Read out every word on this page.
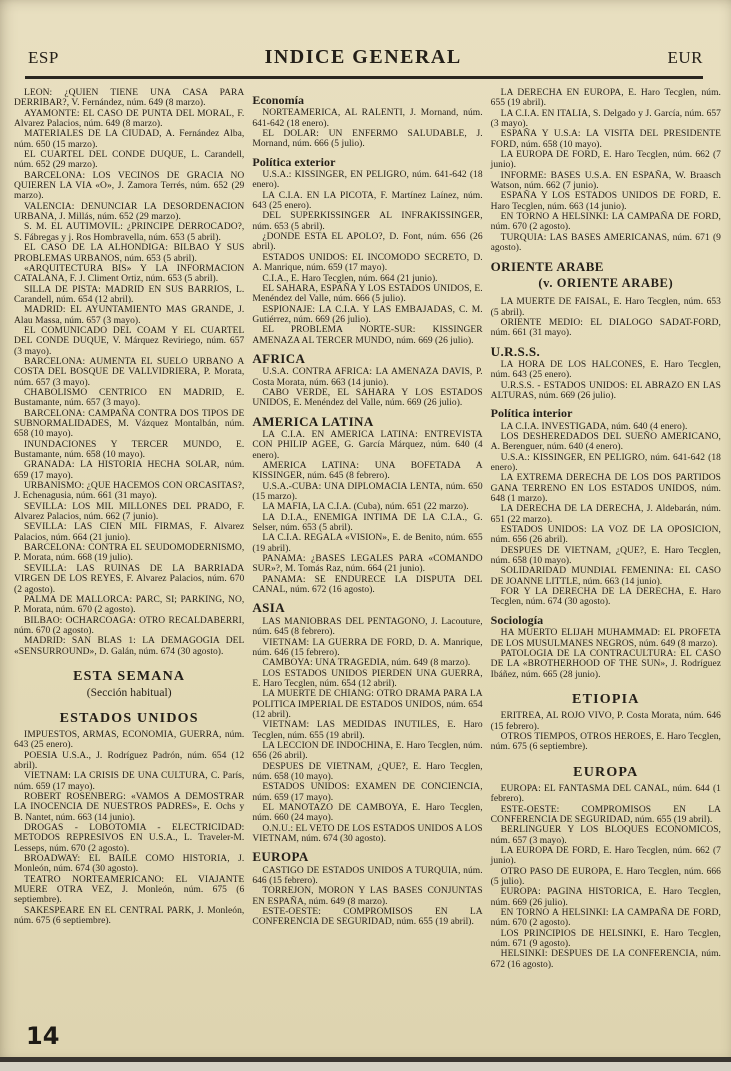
ESP	INDICE GENERAL	EUR

LEON: ¿QUIEN TIENE UNA CASA PARA DERRIBAR?, V. Fernández, núm. 649 (8 marzo).

AYAMONTE: EL CASO DE PUNTA DEL MORAL, F. Alvarez Palacios, núm. 649 (8 marzo).

MATERIALES DE LA CIUDAD, A. Fernández Alba, núm. 650 (15 marzo).

EL CUARTEL DEL CONDE DUQUE, L. Carandell, núm. 652 (29 marzo).

BARCELONA: LOS VECINOS DE GRACIA NO QUIEREN LA VIA «O», J. Zamora Terrés, núm. 652 (29 marzo).

VALENCIA: DENUNCIAR LA DESORDENACION URBANA, J. Millás, núm. 652 (29 marzo).

S. M. EL AUTIMOVIL: ¿PRINCIPE DERROCADO?, S. Fábregas y j. Ros Hombravella, núm. 653 (5 abril).

EL CASO DE LA ALHONDIGA: BILBAO Y SUS PROBLEMAS URBANOS, núm. 653 (5 abril).

«ARQUITECTURA BIS» Y LA INFORMACION CATALANA, F. J. Climent Ortiz, núm. 653 (5 abril).

SILLA DE PISTA: MADRID EN SUS BARRIOS, L. Carandell, núm. 654 (12 abril).

MADRID: EL AYUNTAMIENTO MAS GRANDE, J. Alau Massa, núm. 657 (3 mayo).

EL COMUNICADO DEL COAM Y EL CUARTEL DEL CONDE DUQUE, V. Márquez Reviriego, núm. 657 (3 mayo).

BARCELONA: AUMENTA EL SUELO URBANO A COSTA DEL BOSQUE DE VALLVIDRIERA, P. Morata, núm. 657 (3 mayo).

CHABOLISMO CENTRICO EN MADRID, E. Bustamante, núm. 657 (3 mayo).

BARCELONA: CAMPAÑA CONTRA DOS TIPOS DE SUBNORMALIDADES, M. Vázquez Montalbán, núm. 658 (10 mayo).

INUNDACIONES Y TERCER MUNDO, E. Bustamante, núm. 658 (10 mayo).

GRANADA: LA HISTORIA HECHA SOLAR, núm. 659 (17 mayo).

URBANISMO: ¿QUE HACEMOS CON ORCASITAS?, J. Echenagusia, núm. 661 (31 mayo).

SEVILLA: LOS MIL MILLONES DEL PRADO, F. Alvarez Palacios, núm. 662 (7 junio).

SEVILLA: LAS CIEN MIL FIRMAS, F. Alvarez Palacios, núm. 664 (21 junio).

BARCELONA: CONTRA EL SEUDOMODERNISMO, P. Morata, núm. 668 (19 julio).

SEVILLA: LAS RUINAS DE LA BARRIADA VIRGEN DE LOS REYES, F. Alvarez Palacios, núm. 670 (2 agosto).

PALMA DE MALLORCA: PARC, SI; PARKING, NO, P. Morata, núm. 670 (2 agosto).

BILBAO: OCHARCOAGA: OTRO RECALDABERRI, núm. 670 (2 agosto).

MADRID: SAN BLAS 1: LA DEMAGOGIA DEL «SENSURROUND», D. Galán, núm. 674 (30 agosto).

ESTA SEMANA

(Sección habitual)

ESTADOS UNIDOS

IMPUESTOS, ARMAS, ECONOMIA, GUERRA, núm. 643 (25 enero).

POESIA U.S.A., J. Rodríguez Padrón, núm. 654 (12 abril).

VIETNAM: LA CRISIS DE UNA CULTURA, C. París, núm. 659 (17 mayo).

ROBERT ROSENBERG: «VAMOS A DEMOSTRAR LA INOCENCIA DE NUESTROS PADRES», E. Ochs y B. Nantet, núm. 663 (14 junio).

DROGAS - LOBOTOMIA - ELECTRICIDAD: METODOS REPRESIVOS EN U.S.A., L. Traveler-M. Lesseps, núm. 670 (2 agosto).

BROADWAY: EL BAILE COMO HISTORIA, J. Monleón, núm. 674 (30 agosto).

TEATRO NORTEAMERICANO: EL VIAJANTE MUERE OTRA VEZ, J. Monleón, núm. 675 (6 septiembre).

SAKESPEARE EN EL CENTRAL PARK, J. Monleón, núm. 675 (6 septiembre).

Economía

NORTEAMERICA, AL RALENTI, J. Mornand, núm. 641-642 (18 enero).

EL DOLAR: UN ENFERMO SALUDABLE, J. Mornand, núm. 666 (5 julio).

Política exterior

U.S.A.: KISSINGER, EN PELIGRO, núm. 641-642 (18 enero).

LA C.I.A. EN LA PICOTA, F. Martínez Laínez, núm. 643 (25 enero).

DEL SUPERKISSINGER AL INFRAKISSINGER, núm. 653 (5 abril).

¿DONDE ESTA EL APOLO?, D. Font, núm. 656 (26 abril).

ESTADOS UNIDOS: EL INCOMODO SECRETO, D. A. Manrique, núm. 659 (17 mayo).

C.I.A., E. Haro Tecglen, núm. 664 (21 junio).

EL SAHARA, ESPAÑA Y LOS ESTADOS UNIDOS, E. Menéndez del Valle, núm. 666 (5 julio).

ESPIONAJE: LA C.I.A. Y LAS EMBAJADAS, C. M. Gutiérrez, núm. 669 (26 julio).

EL PROBLEMA NORTE-SUR: KISSINGER AMENAZA AL TERCER MUNDO, núm. 669 (26 julio).

AFRICA

U.S.A. CONTRA AFRICA: LA AMENAZA DAVIS, P. Costa Morata, núm. 663 (14 junio).

CABO VERDE, EL SAHARA Y LOS ESTADOS UNIDOS, E. Menéndez del Valle, núm. 669 (26 julio).

AMERICA LATINA

LA C.I.A. EN AMERICA LATINA: ENTREVISTA CON PHILIP AGEE, G. García Márquez, núm. 640 (4 enero).

AMERICA LATINA: UNA BOFETADA A KISSINGER, núm. 645 (8 febrero).

U.S.A.-CUBA: UNA DIPLOMACIA LENTA, núm. 650 (15 marzo).

LA MAFIA, LA C.I.A. (Cuba), núm. 651 (22 marzo).

LA D.I.A., ENEMIGA INTIMA DE LA C.I.A., G. Selser, núm. 653 (5 abril).

LA C.I.A. REGALA «VISION», E. de Benito, núm. 655 (19 abril).

PANAMA: ¿BASES LEGALES PARA «COMANDO SUR»?, M. Tomás Raz, núm. 664 (21 junio).

PANAMA: SE ENDURECE LA DISPUTA DEL CANAL, núm. 672 (16 agosto).

ASIA

LAS MANIOBRAS DEL PENTAGONO, J. Lacouture, núm. 645 (8 febrero).

VIETNAM: LA GUERRA DE FORD, D. A. Manrique, núm. 646 (15 febrero).

CAMBOYA: UNA TRAGEDIA, núm. 649 (8 marzo).

LOS ESTADOS UNIDOS PIERDEN UNA GUERRA, E. Haro Tecglen, núm. 654 (12 abril).

LA MUERTE DE CHIANG: OTRO DRAMA PARA LA POLITICA IMPERIAL DE ESTADOS UNIDOS, núm. 654 (12 abril).

VIETNAM: LAS MEDIDAS INUTILES, E. Haro Tecglen, núm. 655 (19 abril).

LA LECCION DE INDOCHINA, E. Haro Tecglen, núm. 656 (26 abril).

DESPUES DE VIETNAM, ¿QUE?, E. Haro Tecglen, núm. 658 (10 mayo).

ESTADOS UNIDOS: EXAMEN DE CONCIENCIA, núm. 659 (17 mayo).

EL MANOTAZO DE CAMBOYA, E. Haro Tecglen, núm. 660 (24 mayo).

O.N.U.: EL VETO DE LOS ESTADOS UNIDOS A LOS VIETNAM, núm. 674 (30 agosto).

EUROPA

CASTIGO DE ESTADOS UNIDOS A TURQUIA, núm. 646 (15 febrero).

TORREJON, MORON Y LAS BASES CONJUNTAS EN ESPAÑA, núm. 649 (8 marzo).

ESTE-OESTE: COMPROMISOS EN LA CONFERENCIA DE SEGURIDAD, núm. 655 (19 abril).

LA DERECHA EN EUROPA, E. Haro Tecglen, núm. 655 (19 abril).

LA C.I.A. EN ITALIA, S. Delgado y J. García, núm. 657 (3 mayo).

ESPAÑA Y U.S.A: LA VISITA DEL PRESIDENTE FORD, núm. 658 (10 mayo).

LA EUROPA DE FORD, E. Haro Tecglen, núm. 662 (7 junio).

INFORME: BASES U.S.A. EN ESPAÑA, W. Braasch Watson, núm. 662 (7 junio).

ESPAÑA Y LOS ESTADOS UNIDOS DE FORD, E. Haro Tecglen, núm. 663 (14 junio).

EN TORNO A HELSINKI: LA CAMPAÑA DE FORD, núm. 670 (2 agosto).

TURQUIA: LAS BASES AMERICANAS, núm. 671 (9 agosto).

ORIENTE ARABE

(v. ORIENTE ARABE)

LA MUERTE DE FAISAL, E. Haro Tecglen, núm. 653 (5 abril).

ORIENTE MEDIO: EL DIALOGO SADAT-FORD, núm. 661 (31 mayo).

U.R.S.S.

LA HORA DE LOS HALCONES, E. Haro Tecglen, núm. 643 (25 enero).

U.R.S.S. - ESTADOS UNIDOS: EL ABRAZO EN LAS ALTURAS, núm. 669 (26 julio).

Política interior

LA C.I.A. INVESTIGADA, núm. 640 (4 enero).

LOS DESHEREDADOS DEL SUEÑO AMERICANO, A. Berenguer, núm. 640 (4 enero).

U.S.A.: KISSINGER, EN PELIGRO, núm. 641-642 (18 enero).

LA EXTREMA DERECHA DE LOS DOS PARTIDOS GANA TERRENO EN LOS ESTADOS UNIDOS, núm. 648 (1 marzo).

LA DERECHA DE LA DERECHA, J. Aldebarán, núm. 651 (22 marzo).

ESTADOS UNIDOS: LA VOZ DE LA OPOSICION, núm. 656 (26 abril).

DESPUES DE VIETNAM, ¿QUE?, E. Haro Tecglen, núm. 658 (10 mayo).

SOLIDARIDAD MUNDIAL FEMENINA: EL CASO DE JOANNE LITTLE, núm. 663 (14 junio).

FOR Y LA DERECHA DE LA DERECHA, E. Haro Tecglen, núm. 674 (30 agosto).

Sociología

HA MUERTO ELIJAH MUHAMMAD: EL PROFETA DE LOS MUSULMANES NEGROS, núm. 649 (8 marzo).

PATOLOGIA DE LA CONTRACULTURA: EL CASO DE LA «BROTHERHOOD OF THE SUN», J. Rodríguez Ibáñez, núm. 665 (28 junio).

ETIOPIA

ERITREA, AL ROJO VIVO, P. Costa Morata, núm. 646 (15 febrero).

OTROS TIEMPOS, OTROS HEROES, E. Haro Tecglen, núm. 675 (6 septiembre).

EUROPA

EUROPA: EL FANTASMA DEL CANAL, núm. 644 (1 febrero).

ESTE-OESTE: COMPROMISOS EN LA CONFERENCIA DE SEGURIDAD, núm. 655 (19 abril).

BERLINGUER Y LOS BLOQUES ECONOMICOS, núm. 657 (3 mayo).

LA EUROPA DE FORD, E. Haro Tecglen, núm. 662 (7 junio).

OTRO PASO DE EUROPA, E. Haro Tecglen, núm. 666 (5 julio).

EUROPA: PAGINA HISTORICA, E. Haro Tecglen, núm. 669 (26 julio).

EN TORNO A HELSINKI: LA CAMPAÑA DE FORD, núm. 670 (2 agosto).

LOS PRINCIPIOS DE HELSINKI, E. Haro Tecglen, núm. 671 (9 agosto).

HELSINKI: DESPUES DE LA CONFERENCIA, núm. 672 (16 agosto).

14
